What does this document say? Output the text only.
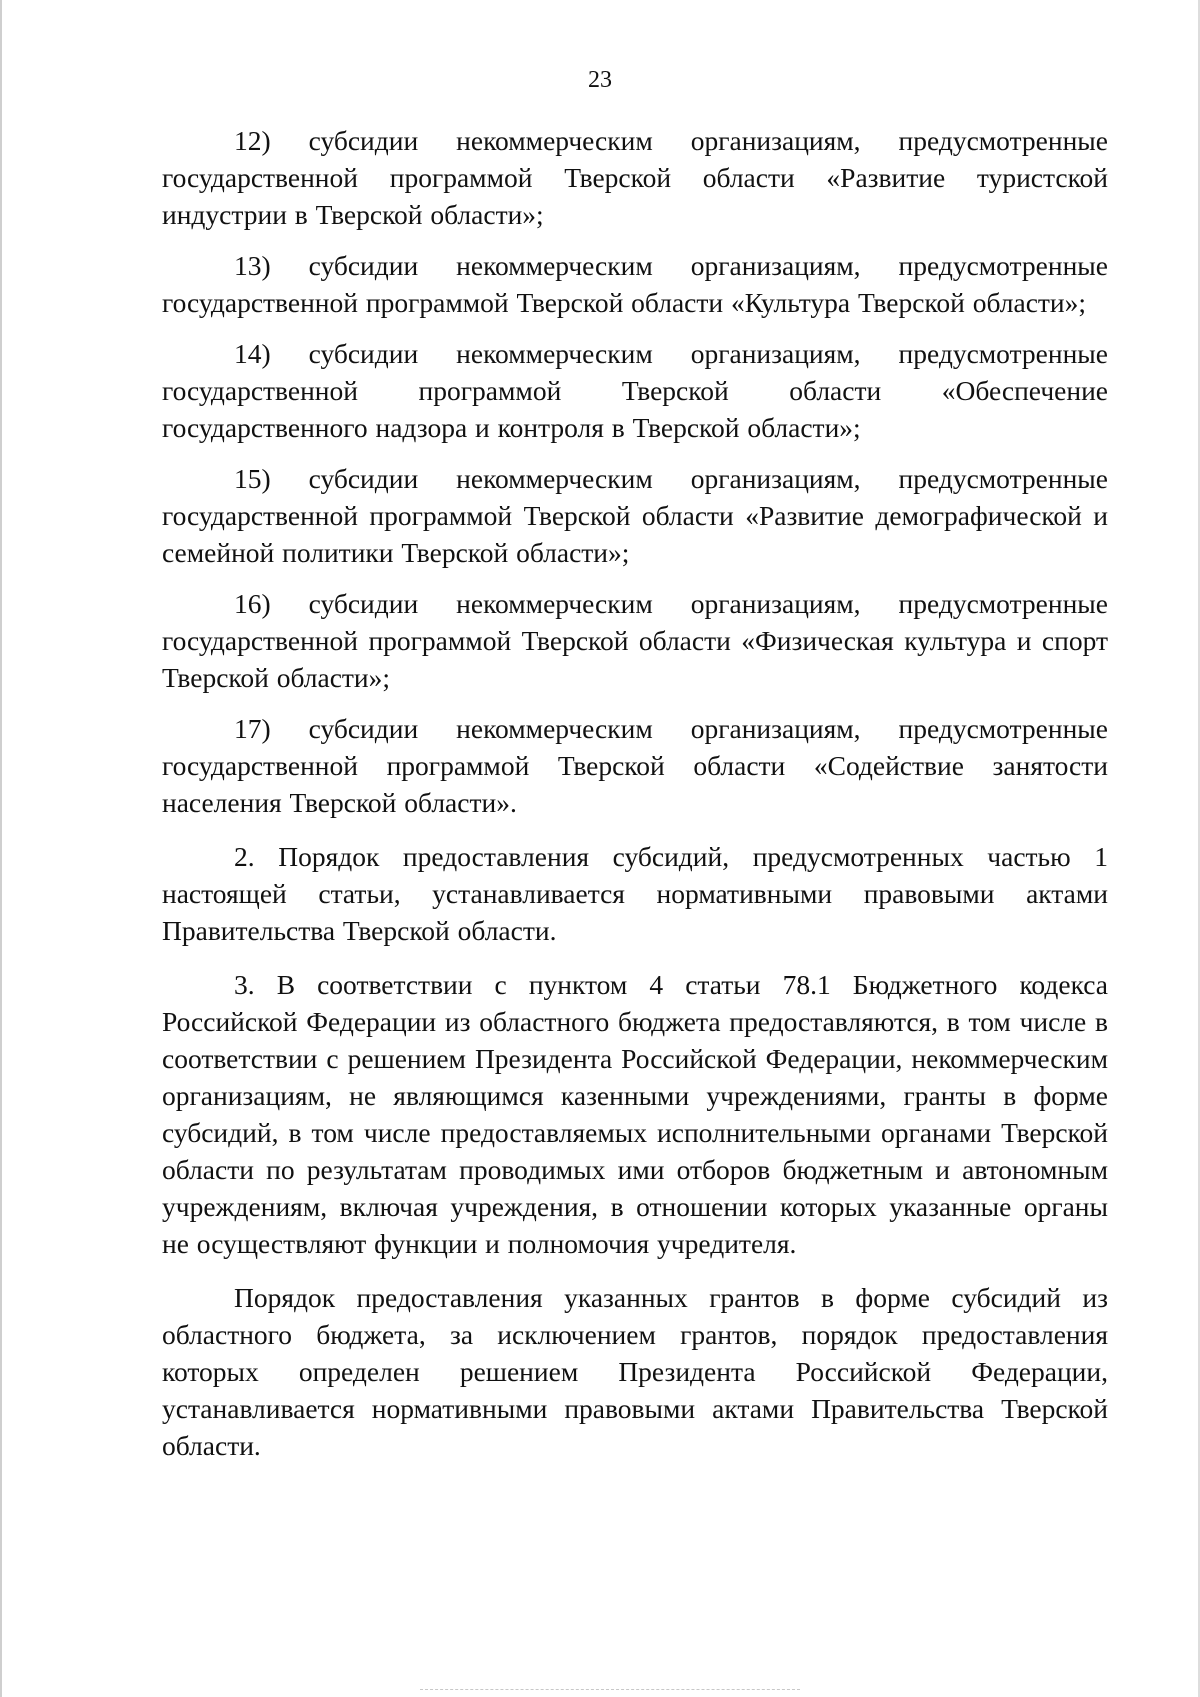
23

12) субсидии некоммерческим организациям, предусмотренные государственной программой Тверской области «Развитие туристской индустрии в Тверской области»;

13) субсидии некоммерческим организациям, предусмотренные государственной программой Тверской области «Культура Тверской области»;

14) субсидии некоммерческим организациям, предусмотренные государственной программой Тверской области «Обеспечение государственного надзора и контроля в Тверской области»;

15) субсидии некоммерческим организациям, предусмотренные государственной программой Тверской области «Развитие демографической и семейной политики Тверской области»;

16) субсидии некоммерческим организациям, предусмотренные государственной программой Тверской области «Физическая культура и спорт Тверской области»;

17) субсидии некоммерческим организациям, предусмотренные государственной программой Тверской области «Содействие занятости населения Тверской области».

2. Порядок предоставления субсидий, предусмотренных частью 1 настоящей статьи, устанавливается нормативными правовыми актами Правительства Тверской области.

3. В соответствии с пунктом 4 статьи 78.1 Бюджетного кодекса Российской Федерации из областного бюджета предоставляются, в том числе в соответствии с решением Президента Российской Федерации, некоммерческим организациям, не являющимся казенными учреждениями, гранты в форме субсидий, в том числе предоставляемых исполнительными органами Тверской области по результатам проводимых ими отборов бюджетным и автономным учреждениям, включая учреждения, в отношении которых указанные органы не осуществляют функции и полномочия учредителя.

Порядок предоставления указанных грантов в форме субсидий из областного бюджета, за исключением грантов, порядок предоставления которых определен решением Президента Российской Федерации, устанавливается нормативными правовыми актами Правительства Тверской области.
